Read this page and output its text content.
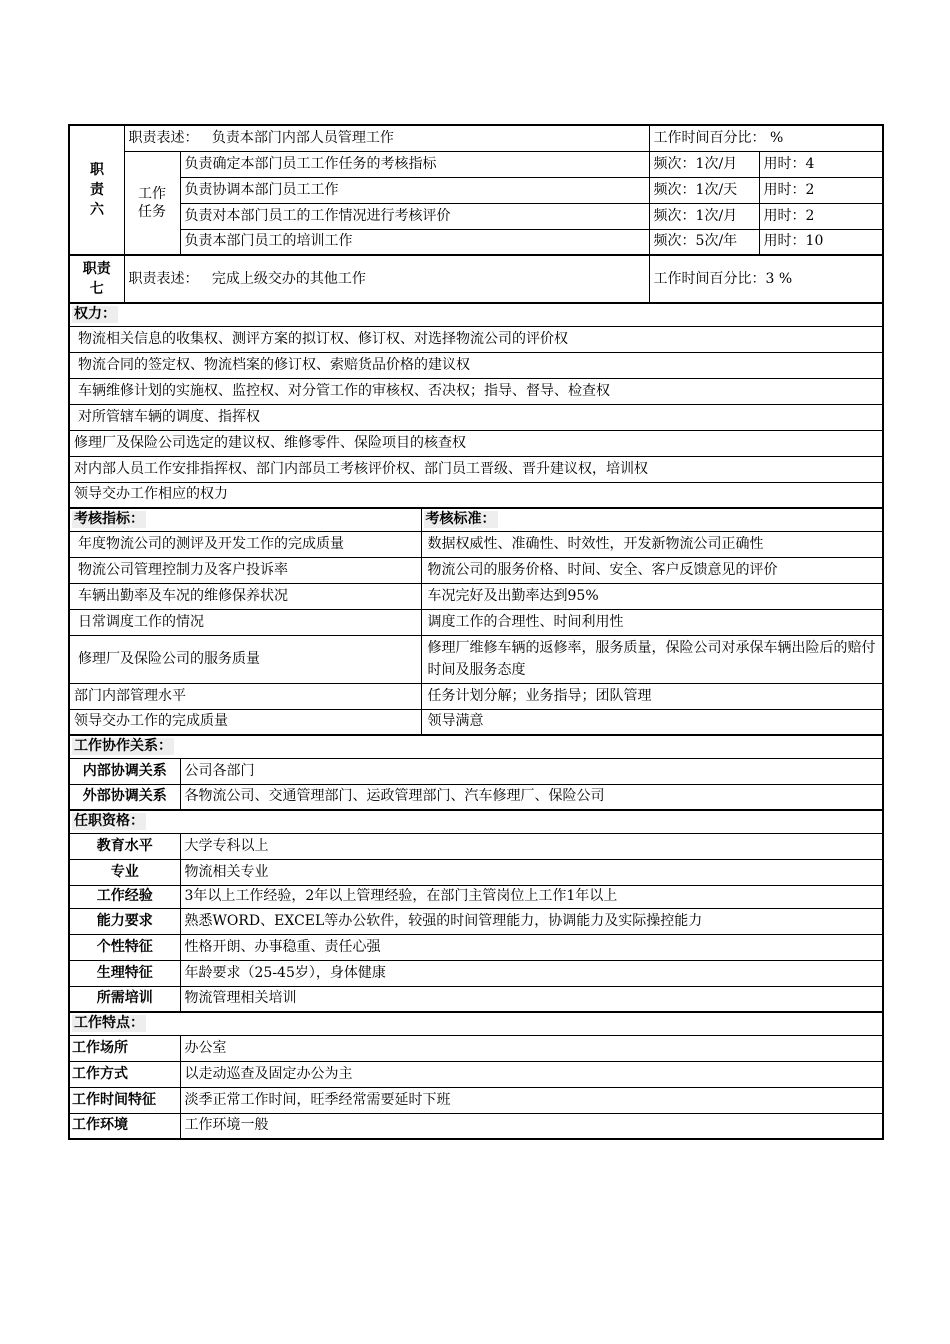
职责六	职责表述： 负责本部门内部人员管理工作			工作时间百分比： %	
	工作任务	负责确定本部门员工工作任务的考核指标		频次：1次/月	用时：4
		负责协调本部门员工工作		频次：1次/天	用时：2
		负责对本部门员工的工作情况进行考核评价		频次：1次/月	用时：2
		负责本部门员工的培训工作		频次：5次/年	用时：10
职责七	职责表述： 完成上级交办的其他工作			工作时间百分比：3 %	
权力：					
物流相关信息的收集权、测评方案的拟订权、修订权、对选择物流公司的评价权					
物流合同的签定权、物流档案的修订权、索赔货品价格的建议权					
车辆维修计划的实施权、监控权、对分管工作的审核权、否决权；指导、督导、检查权					
对所管辖车辆的调度、指挥权					
修理厂及保险公司选定的建议权、维修零件、保险项目的核查权					
对内部人员工作安排指挥权、部门内部员工考核评价权、部门员工晋级、晋升建议权，培训权					
领导交办工作相应的权力					
考核指标：			考核标准：		
年度物流公司的测评及开发工作的完成质量			数据权威性、准确性、时效性，开发新物流公司正确性		
物流公司管理控制力及客户投诉率			物流公司的服务价格、时间、安全、客户反馈意见的评价		
车辆出勤率及车况的维修保养状况			车况完好及出勤率达到95%		
日常调度工作的情况			调度工作的合理性、时间利用性		
修理厂及保险公司的服务质量			修理厂维修车辆的返修率，服务质量，保险公司对承保车辆出险后的赔付时间及服务态度		
部门内部管理水平			任务计划分解；业务指导；团队管理		
领导交办工作的完成质量			领导满意		
工作协作关系：					
内部协调关系		公司各部门			
外部协调关系		各物流公司、交通管理部门、运政管理部门、汽车修理厂、保险公司			
任职资格：					
教育水平		大学专科以上			
专业		物流相关专业			
工作经验		3年以上工作经验，2年以上管理经验，在部门主管岗位上工作1年以上			
能力要求		熟悉WORD、EXCEL等办公软件，较强的时间管理能力，协调能力及实际操控能力			
个性特征		性格开朗、办事稳重、责任心强			
生理特征		年龄要求（25-45岁），身体健康			
所需培训		物流管理相关培训			
工作特点：					
工作场所		办公室			
工作方式		以走动巡查及固定办公为主			
工作时间特征		淡季正常工作时间，旺季经常需要延时下班			
工作环境		工作环境一般			
